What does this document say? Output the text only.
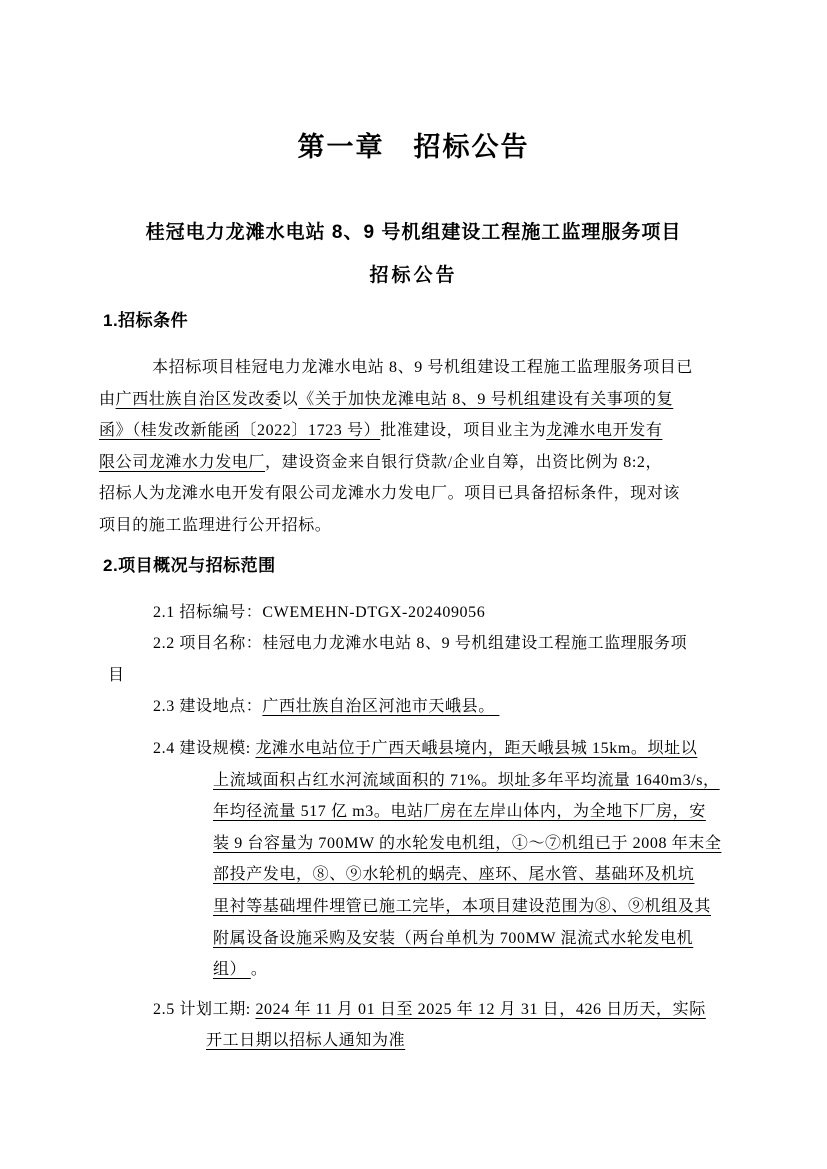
第一章　招标公告
桂冠电力龙滩水电站 8、9 号机组建设工程施工监理服务项目
招标公告
1.招标条件
本招标项目桂冠电力龙滩水电站 8、9 号机组建设工程施工监理服务项目已
由广西壮族自治区发改委以《关于加快龙滩电站 8、9 号机组建设有关事项的复
函》（桂发改新能函〔2022〕1723 号）批准建设，项目业主为龙滩水电开发有
限公司龙滩水力发电厂，建设资金来自银行贷款/企业自筹，出资比例为 8:2，
招标人为龙滩水电开发有限公司龙滩水力发电厂。项目已具备招标条件，现对该
项目的施工监理进行公开招标。
2.项目概况与招标范围
2.1 招标编号：CWEMEHN-DTGX-202409056
2.2 项目名称：桂冠电力龙滩水电站 8、9 号机组建设工程施工监理服务项
目
2.3 建设地点：广西壮族自治区河池市天峨县。
2.4 建设规模: 龙滩水电站位于广西天峨县境内，距天峨县城 15km。坝址以
上流域面积占红水河流域面积的 71%。坝址多年平均流量 1640m3/s，
年均径流量 517 亿 m3。电站厂房在左岸山体内，为全地下厂房，安
装 9 台容量为 700MW 的水轮发电机组，①～⑦机组已于 2008 年末全
部投产发电，⑧、⑨水轮机的蜗壳、座环、尾水管、基础环及机坑
里衬等基础埋件埋管已施工完毕，本项目建设范围为⑧、⑨机组及其
附属设备设施采购及安装（两台单机为 700MW 混流式水轮发电机
组） 。
2.5 计划工期: 2024 年 11 月 01 日至 2025 年 12 月 31 日，426 日历天，实际
开工日期以招标人通知为准
